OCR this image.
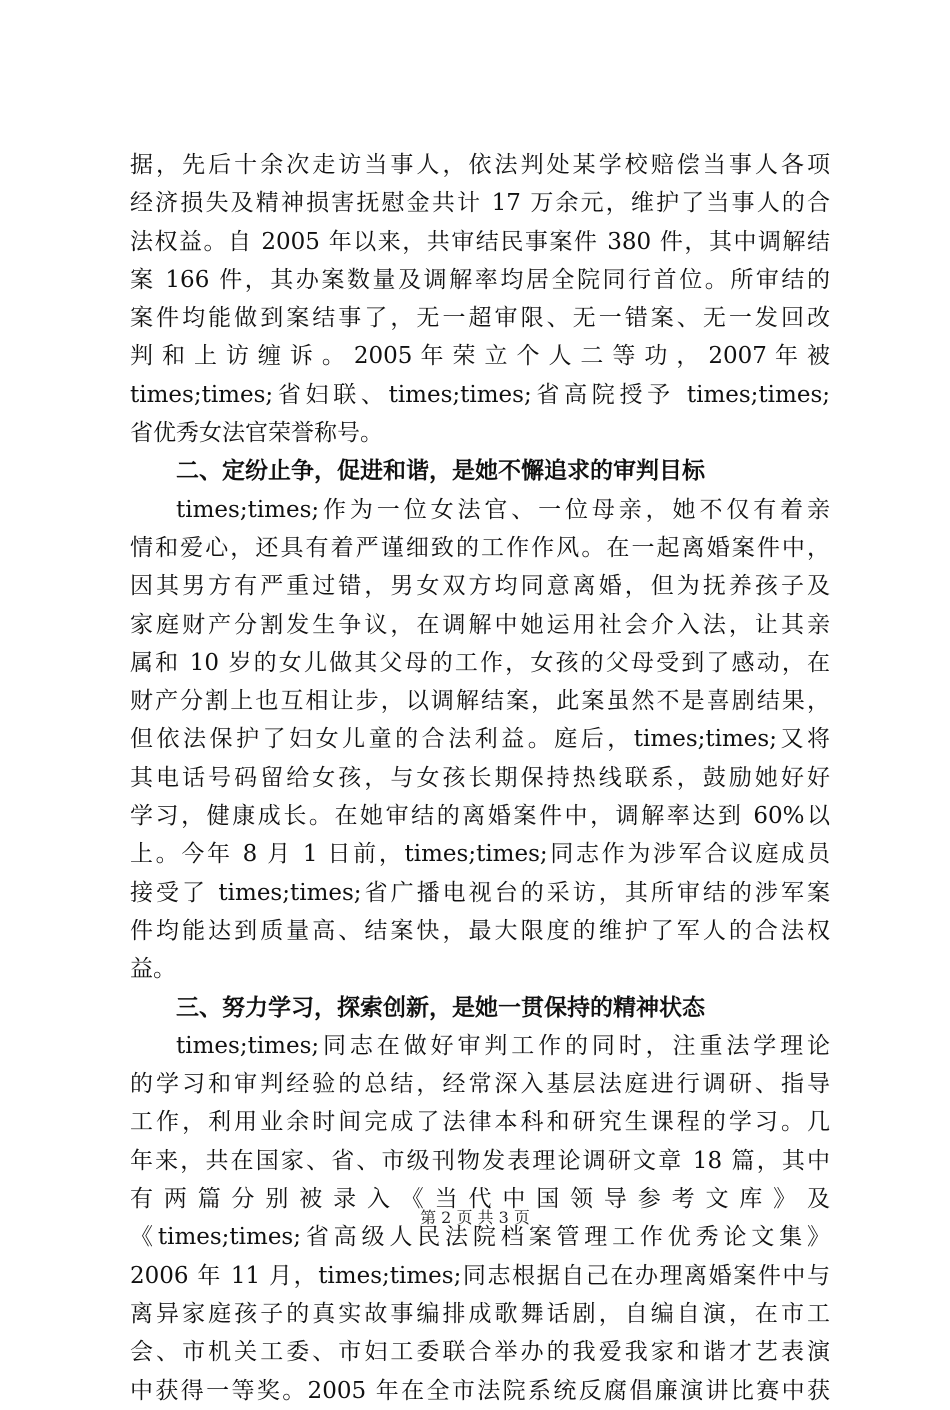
据，先后十余次走访当事人，依法判处某学校赔偿当事人各项
经济损失及精神损害抚慰金共计 17 万余元，维护了当事人的合
法权益。自 2005 年以来，共审结民事案件 380 件，其中调解结
案 166 件，其办案数量及调解率均居全院同行首位。所审结的
案件均能做到案结事了，无一超审限、无一错案、无一发回改
判 和 上 访 缠 诉 。 2005 年 荣 立 个 人 二 等 功 ， 2007 年 被
times;times;省妇联、times;times;省高院授予 times;times;
省优秀女法官荣誉称号。
二、定纷止争，促进和谐，是她不懈追求的审判目标
times;times;作为一位女法官、一位母亲，她不仅有着亲
情和爱心，还具有着严谨细致的工作作风。在一起离婚案件中，
因其男方有严重过错，男女双方均同意离婚，但为抚养孩子及
家庭财产分割发生争议，在调解中她运用社会介入法，让其亲
属和 10 岁的女儿做其父母的工作，女孩的父母受到了感动，在
财产分割上也互相让步，以调解结案，此案虽然不是喜剧结果，
但依法保护了妇女儿童的合法利益。庭后，times;times;又将
其电话号码留给女孩，与女孩长期保持热线联系，鼓励她好好
学习，健康成长。在她审结的离婚案件中，调解率达到 60%以
上。今年 8 月 1 日前，times;times;同志作为涉军合议庭成员
接受了 times;times;省广播电视台的采访，其所审结的涉军案
件均能达到质量高、结案快，最大限度的维护了军人的合法权
益。
三、努力学习，探索创新，是她一贯保持的精神状态
times;times;同志在做好审判工作的同时，注重法学理论
的学习和审判经验的总结，经常深入基层法庭进行调研、指导
工作，利用业余时间完成了法律本科和研究生课程的学习。几
年来，共在国家、省、市级刊物发表理论调研文章 18 篇，其中
有 两 篇 分 别 被 录 入 《 当 代 中 国 领 导 参 考 文 库 》 及
《times;times;省高级人民法院档案管理工作优秀论文集》
2006 年 11 月，times;times;同志根据自己在办理离婚案件中与
离异家庭孩子的真实故事编排成歌舞话剧，自编自演，在市工
会、市机关工委、市妇工委联合举办的我爱我家和谐才艺表演
中获得一等奖。2005 年在全市法院系统反腐倡廉演讲比赛中获
第 2 页 共 3 页
